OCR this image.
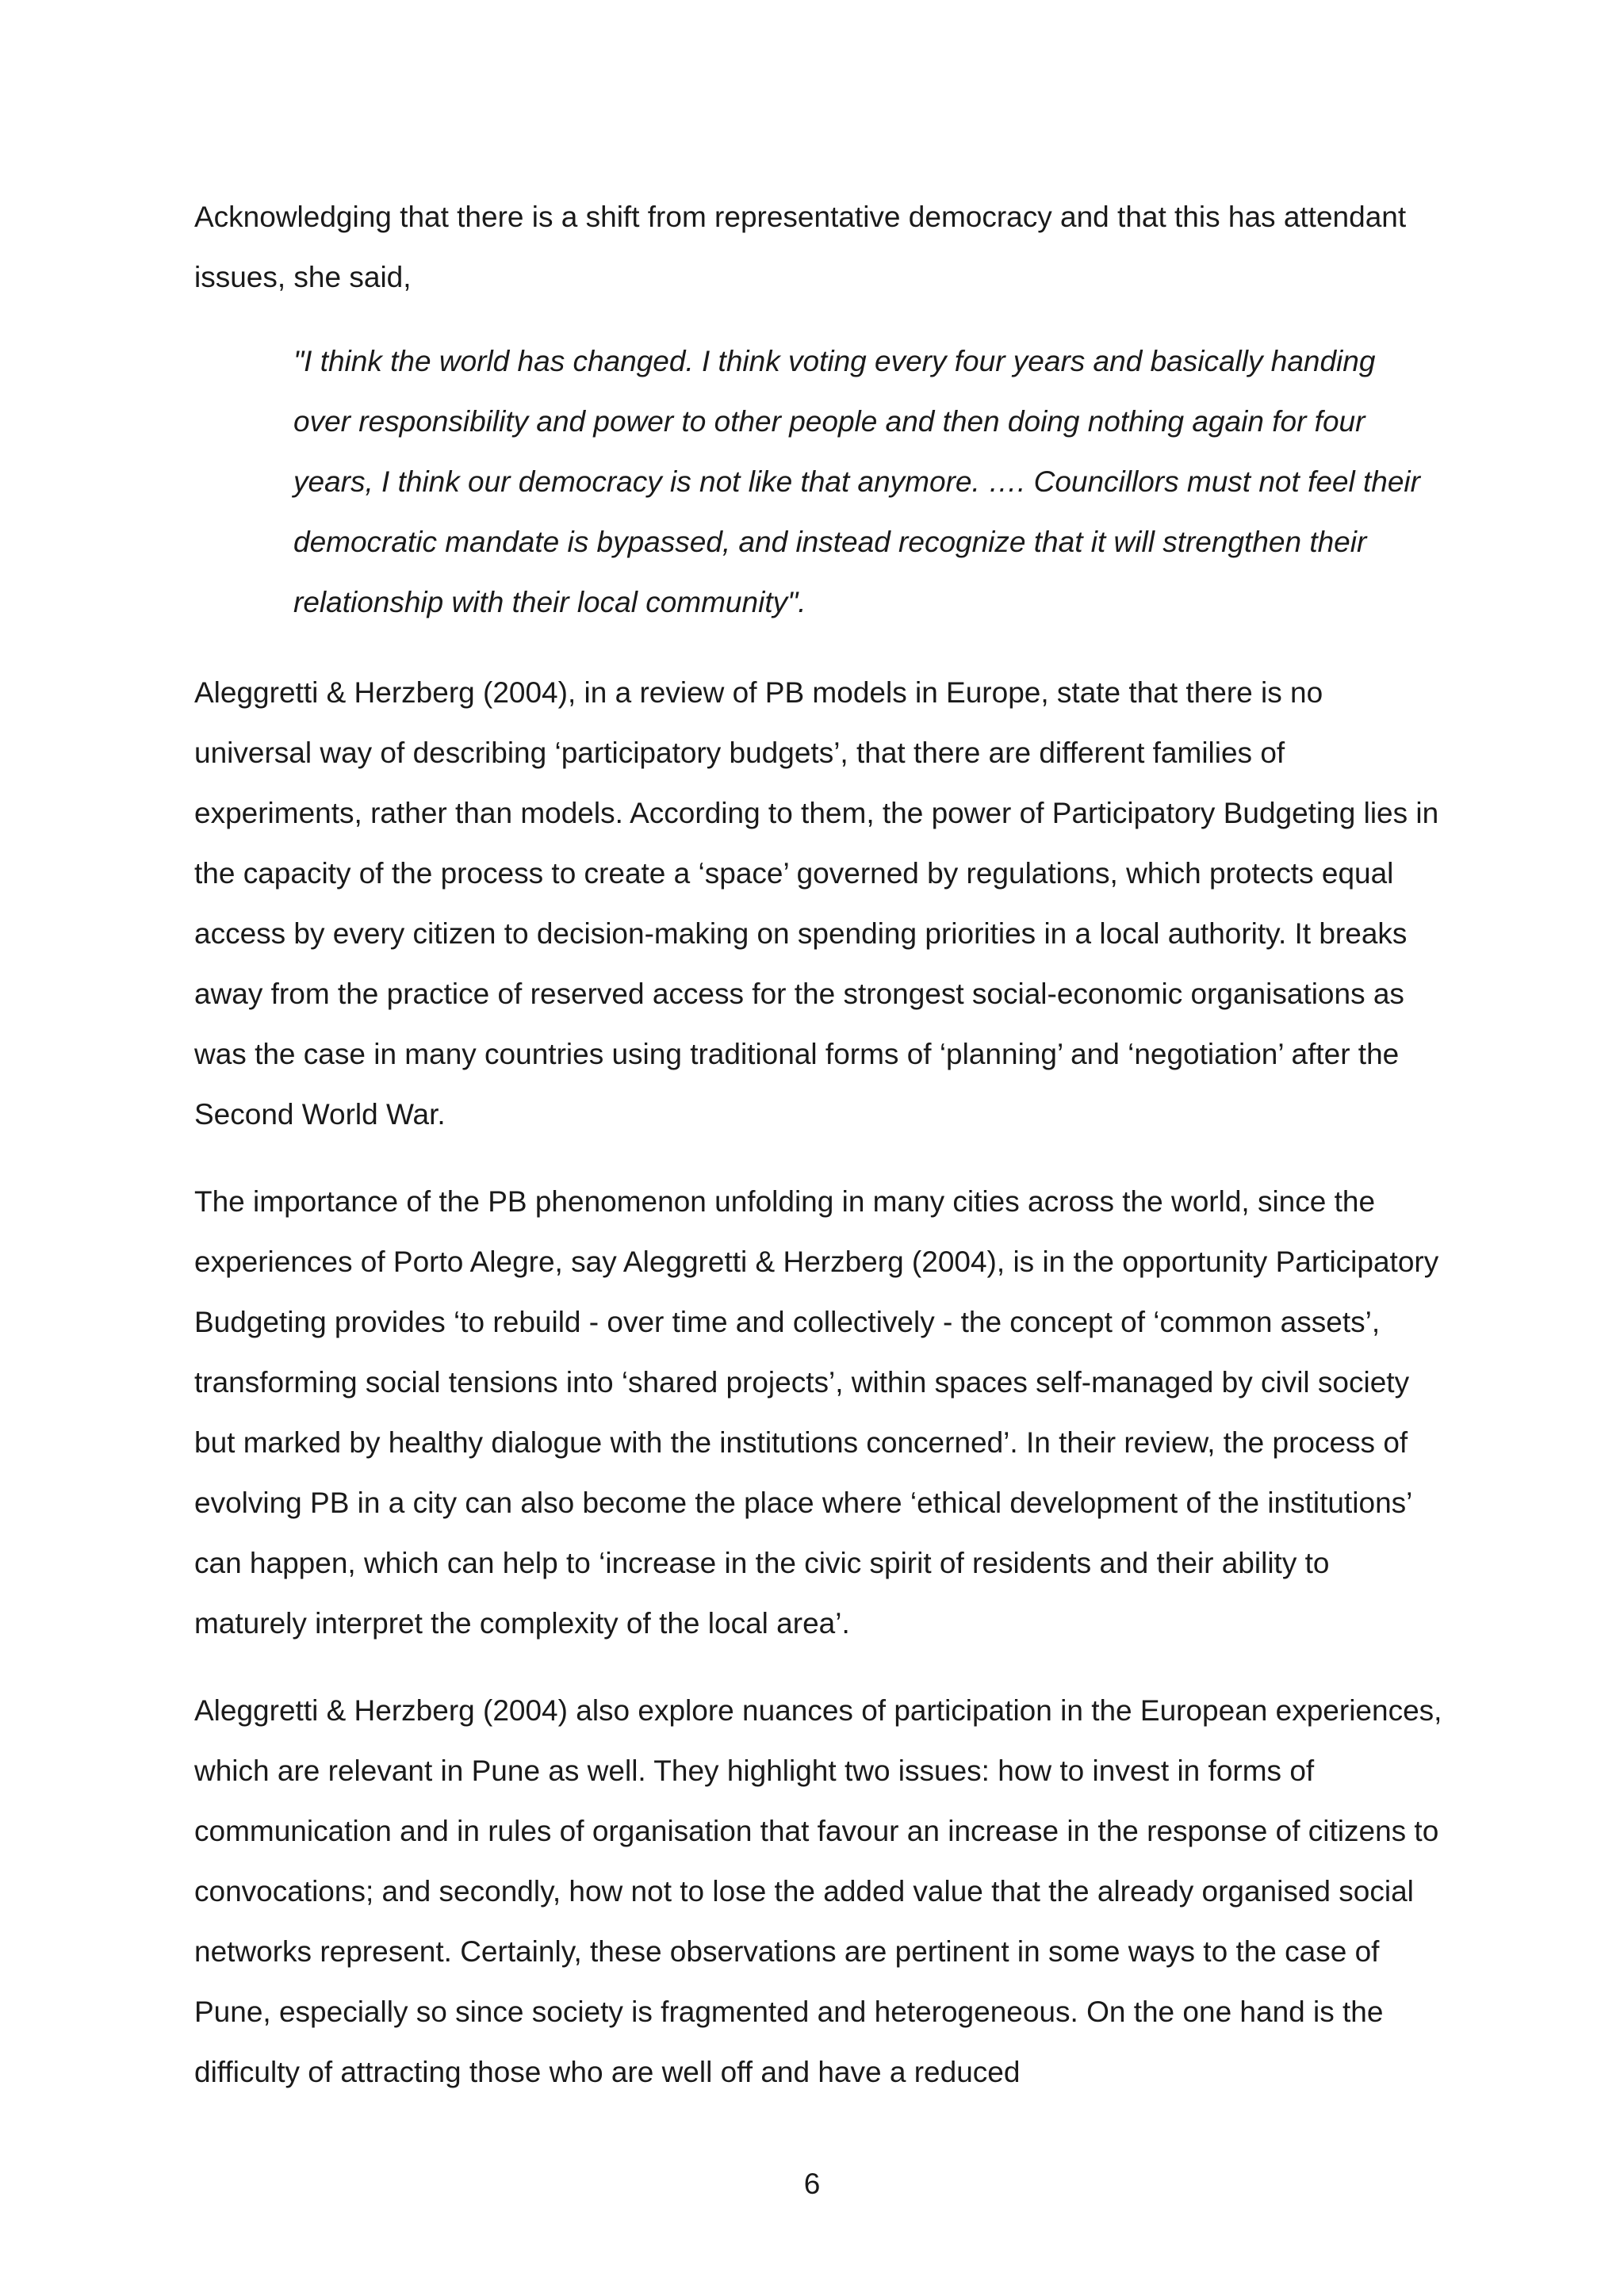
Acknowledging that there is a shift from representative democracy and that this has attendant issues, she said,

"I think the world has changed. I think voting every four years and basically handing over responsibility and power to other people and then doing nothing again for four years, I think our democracy is not like that anymore. …. Councillors must not feel their democratic mandate is bypassed, and instead recognize that it will strengthen their relationship with their local community".

Aleggretti & Herzberg (2004), in a review of PB models in Europe, state that there is no universal way of describing ‘participatory budgets’, that there are different families of experiments, rather than models. According to them, the power of Participatory Budgeting lies in the capacity of the process to create a ‘space’ governed by regulations, which protects equal access by every citizen to decision-making on spending priorities in a local authority. It breaks away from the practice of reserved access for the strongest social-economic organisations as was the case in many countries using traditional forms of ‘planning’ and ‘negotiation’ after the Second World War.

The importance of the PB phenomenon unfolding in many cities across the world, since the experiences of Porto Alegre, say Aleggretti & Herzberg (2004), is in the opportunity Participatory Budgeting provides ‘to rebuild - over time and collectively - the concept of ‘common assets’, transforming social tensions into ‘shared projects’, within spaces self-managed by civil society but marked by healthy dialogue with the institutions concerned’. In their review, the process of evolving PB in a city can also become the place where ‘ethical development of the institutions’ can happen, which can help to ‘increase in the civic spirit of residents and their ability to maturely interpret the complexity of the local area’.

Aleggretti & Herzberg (2004) also explore nuances of participation in the European experiences, which are relevant in Pune as well. They highlight two issues: how to invest in forms of communication and in rules of organisation that favour an increase in the response of citizens to convocations; and secondly, how not to lose the added value that the already organised social networks represent. Certainly, these observations are pertinent in some ways to the case of Pune, especially so since society is fragmented and heterogeneous. On the one hand is the difficulty of attracting those who are well off and have a reduced

6
